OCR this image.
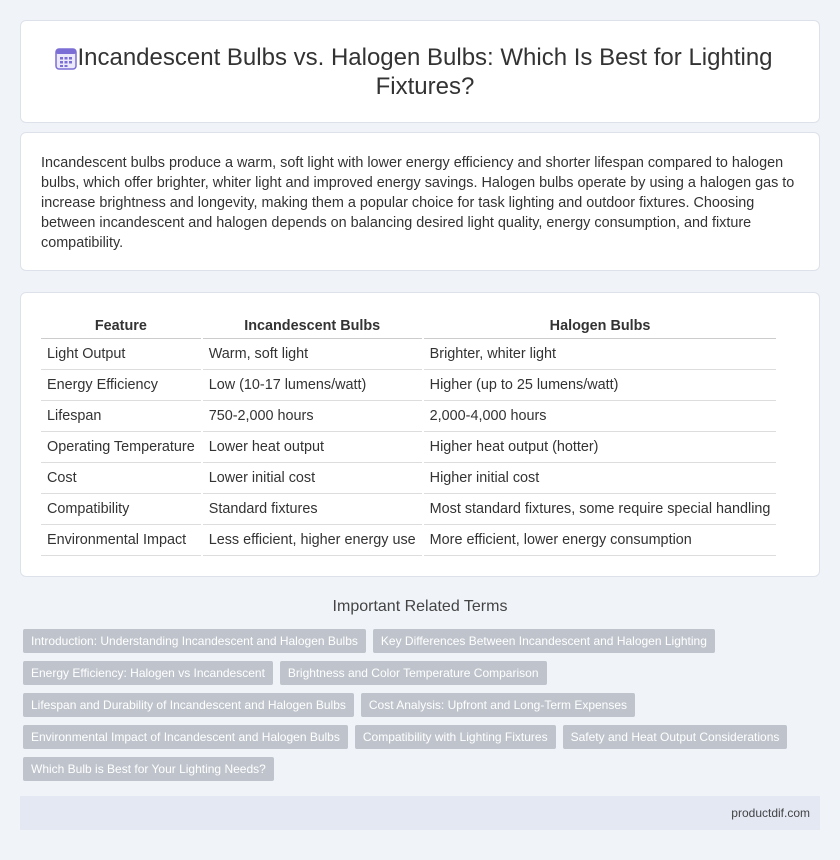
Incandescent Bulbs vs. Halogen Bulbs: Which Is Best for Lighting Fixtures?

Incandescent bulbs produce a warm, soft light with lower energy efficiency and shorter lifespan compared to halogen bulbs, which offer brighter, whiter light and improved energy savings. Halogen bulbs operate by using a halogen gas to increase brightness and longevity, making them a popular choice for task lighting and outdoor fixtures. Choosing between incandescent and halogen depends on balancing desired light quality, energy consumption, and fixture compatibility.

Feature	Incandescent Bulbs	Halogen Bulbs
Light Output	Warm, soft light	Brighter, whiter light
Energy Efficiency	Low (10-17 lumens/watt)	Higher (up to 25 lumens/watt)
Lifespan	750-2,000 hours	2,000-4,000 hours
Operating Temperature	Lower heat output	Higher heat output (hotter)
Cost	Lower initial cost	Higher initial cost
Compatibility	Standard fixtures	Most standard fixtures, some require special handling
Environmental Impact	Less efficient, higher energy use	More efficient, lower energy consumption
Important Related Terms
Introduction: Understanding Incandescent and Halogen Bulbs	Key Differences Between Incandescent and Halogen Lighting
Energy Efficiency: Halogen vs Incandescent	Brightness and Color Temperature Comparison
Lifespan and Durability of Incandescent and Halogen Bulbs	Cost Analysis: Upfront and Long-Term Expenses
Environmental Impact of Incandescent and Halogen Bulbs	Compatibility with Lighting Fixtures	Safety and Heat Output Considerations
Which Bulb is Best for Your Lighting Needs?
productdif.com
